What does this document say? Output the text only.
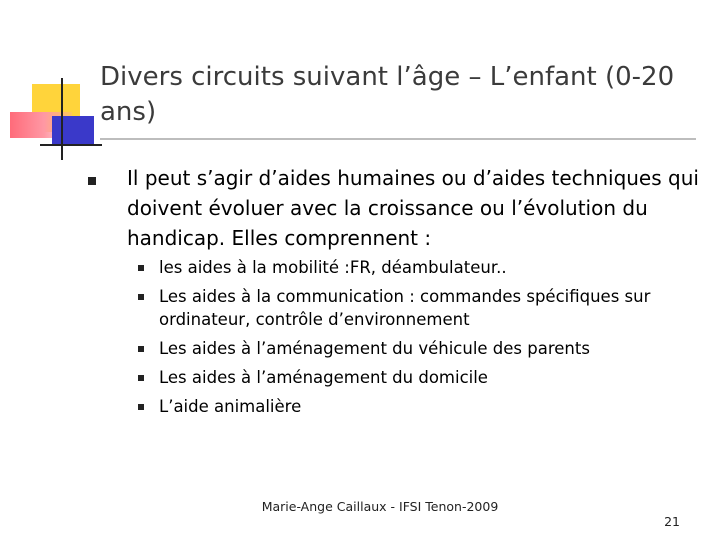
Divers circuits suivant l’âge – L’enfant (0-20 ans)

Il peut s’agir d’aides humaines ou d’aides techniques qui doivent évoluer avec la croissance ou l’évolution du handicap. Elles comprennent :

les aides à la mobilité :FR, déambulateur..
Les aides à la communication : commandes spécifiques sur ordinateur, contrôle d’environnement
Les aides à l’aménagement du véhicule des parents
Les aides à l’aménagement du domicile
L’aide animalière

Marie-Ange Caillaux - IFSI Tenon-2009

21
